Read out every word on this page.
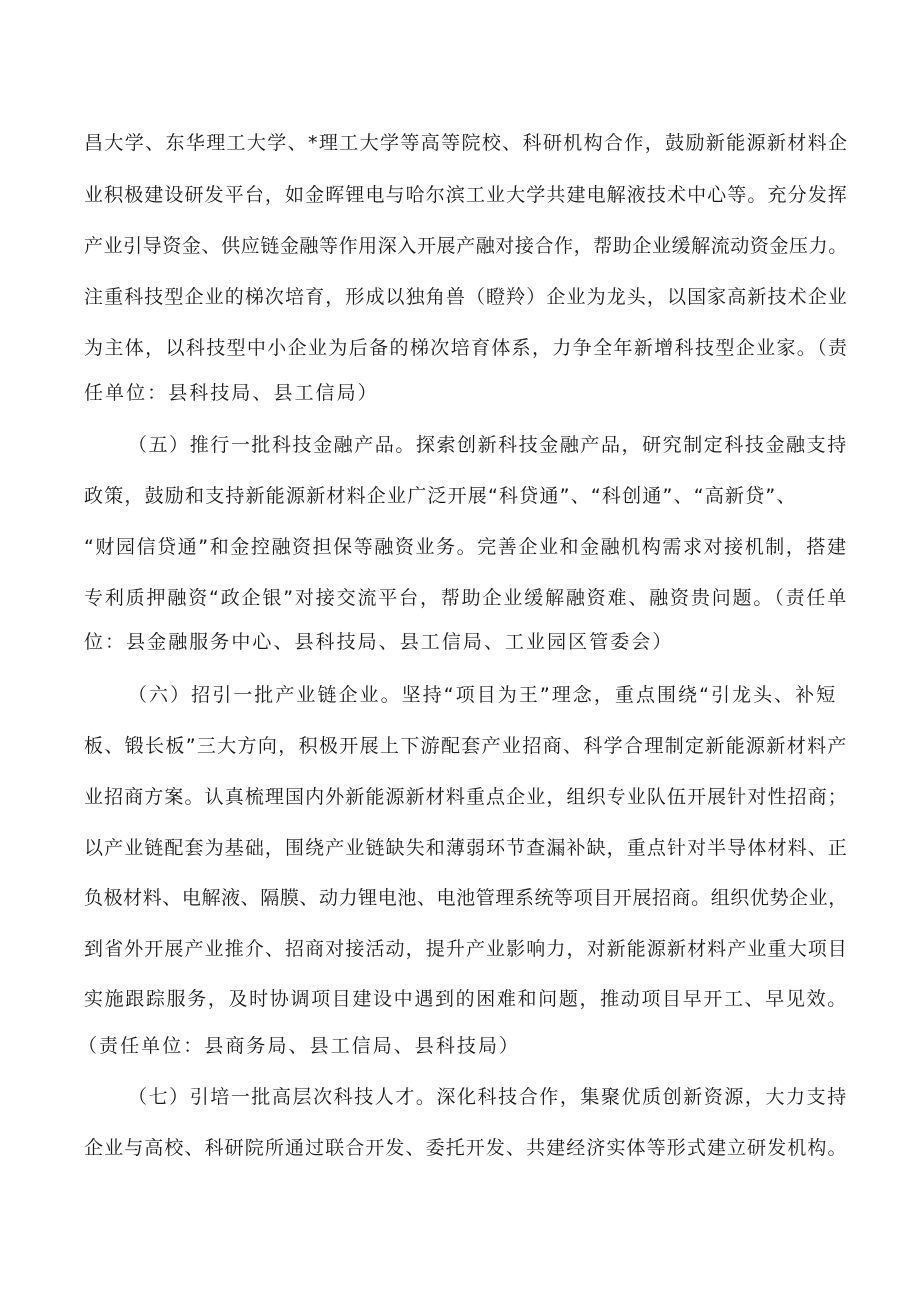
昌大学、东华理工大学、*理工大学等高等院校、科研机构合作，鼓励新能源新材料企
业积极建设研发平台，如金晖锂电与哈尔滨工业大学共建电解液技术中心等。充分发挥
产业引导资金、供应链金融等作用深入开展产融对接合作，帮助企业缓解流动资金压力。
注重科技型企业的梯次培育，形成以独角兽（瞪羚）企业为龙头，以国家高新技术企业
为主体，以科技型中小企业为后备的梯次培育体系，力争全年新增科技型企业家。（责
任单位：县科技局、县工信局）
（五）推行一批科技金融产品。探索创新科技金融产品，研究制定科技金融支持
政策，鼓励和支持新能源新材料企业广泛开展“科贷通”、“科创通”、“高新贷”、
“财园信贷通”和金控融资担保等融资业务。完善企业和金融机构需求对接机制，搭建
专利质押融资“政企银”对接交流平台，帮助企业缓解融资难、融资贵问题。（责任单
位：县金融服务中心、县科技局、县工信局、工业园区管委会）
（六）招引一批产业链企业。坚持“项目为王”理念，重点围绕“引龙头、补短
板、锻长板”三大方向，积极开展上下游配套产业招商、科学合理制定新能源新材料产
业招商方案。认真梳理国内外新能源新材料重点企业，组织专业队伍开展针对性招商；
以产业链配套为基础，围绕产业链缺失和薄弱环节查漏补缺，重点针对半导体材料、正
负极材料、电解液、隔膜、动力锂电池、电池管理系统等项目开展招商。组织优势企业，
到省外开展产业推介、招商对接活动，提升产业影响力，对新能源新材料产业重大项目
实施跟踪服务，及时协调项目建设中遇到的困难和问题，推动项目早开工、早见效。
（责任单位：县商务局、县工信局、县科技局）
（七）引培一批高层次科技人才。深化科技合作，集聚优质创新资源，大力支持
企业与高校、科研院所通过联合开发、委托开发、共建经济实体等形式建立研发机构。
